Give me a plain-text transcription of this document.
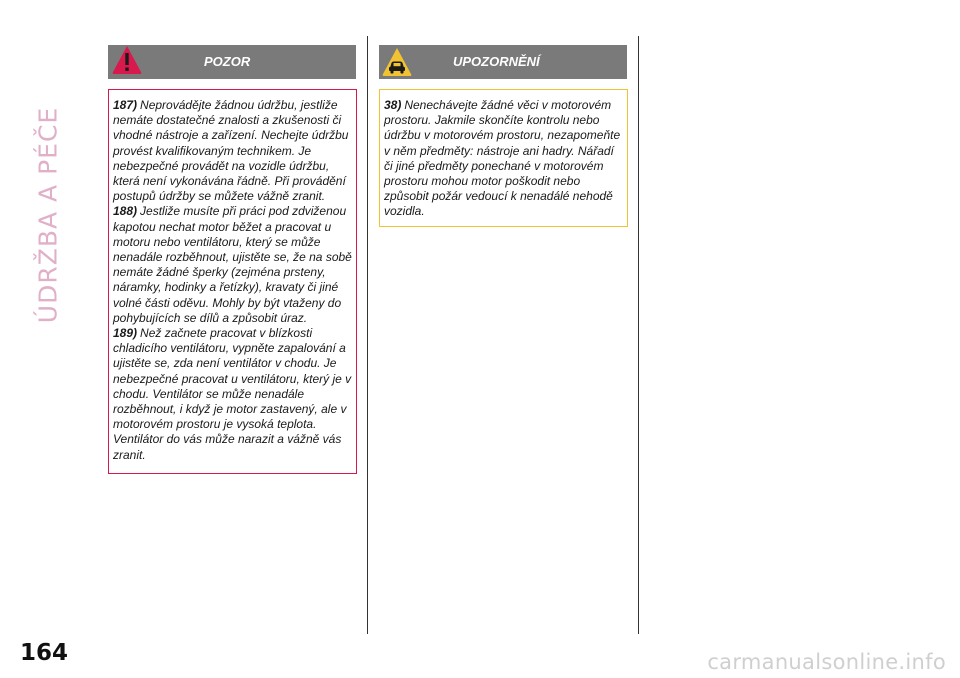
ÚDRŽBA A PÉČE
164

187) Neprovádějte žádnou údržbu, jestliže nemáte dostatečné znalosti a zkušenosti či vhodné nástroje a zařízení. Nechejte údržbu provést kvalifikovaným technikem. Je nebezpečné provádět na vozidle údržbu, která není vykonávána řádně. Při provádění postupů údržby se můžete vážně zranit.

188) Jestliže musíte při práci pod zdviženou kapotou nechat motor běžet a pracovat u motoru nebo ventilátoru, který se může nenadále rozběhnout, ujistěte se, že na sobě nemáte žádné šperky (zejména prsteny, náramky, hodinky a řetízky), kravaty či jiné volné části oděvu. Mohly by být vtaženy do pohybujících se dílů a způsobit úraz.

189) Než začnete pracovat v blízkosti chladicího ventilátoru, vypněte zapalování a ujistěte se, zda není ventilátor v chodu. Je nebezpečné pracovat u ventilátoru, který je v chodu. Ventilátor se může nenadále rozběhnout, i když je motor zastavený, ale v motorovém prostoru je vysoká teplota. Ventilátor do vás může narazit a vážně vás zranit.

POZOR

38) Nenechávejte žádné věci v motorovém prostoru. Jakmile skončíte kontrolu nebo údržbu v motorovém prostoru, nezapomeňte v něm předměty: nástroje ani hadry. Nářadí či jiné předměty ponechané v motorovém prostoru mohou motor poškodit nebo způsobit požár vedoucí k nenadálé nehodě vozidla.

UPOZORNĚNÍ
carmanualsonline.info
